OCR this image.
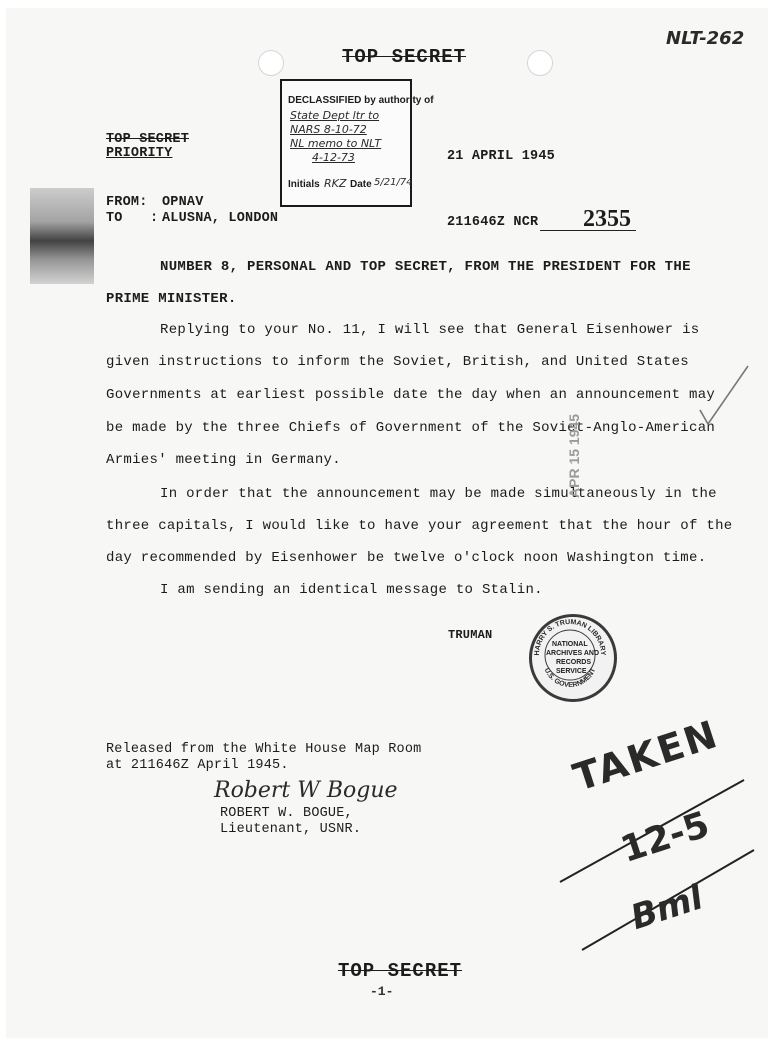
NLT-262
TOP SECRET
TOP SECRET
PRIORITY
DECLASSIFIED by authority of
State Dept ltr to
NARS 8-10-72
NL memo to NLT
4-12-73
Initials RKZ Date 5/21/74
21 APRIL 1945
FROM: OPNAV
TO : ALUSNA, LONDON	211646Z NCR 2355
NUMBER 8, PERSONAL AND TOP SECRET, FROM THE PRESIDENT FOR THE
PRIME MINISTER.
Replying to your No. 11, I will see that General Eisenhower is
given instructions to inform the Soviet, British, and United States
Governments at earliest possible date the day when an announcement may
be made by the three Chiefs of Government of the Soviet-Anglo-American
Armies' meeting in Germany.
In order that the announcement may be made simultaneously in the
three capitals, I would like to have your agreement that the hour of the
day recommended by Eisenhower be twelve o'clock noon Washington time.
I am sending an identical message to Stalin.
TRUMAN
APR 15 1945
HARRY S. TRUMAN LIBRARY
U.S. GOVERNMENT
NATIONAL
ARCHIVES AND
RECORDS
SERVICE
Released from the White House Map Room
at 211646Z April 1945.
Robert W Bogue
ROBERT W. BOGUE,
Lieutenant, USNR.
TAKEN
12-5
Bml
TOP SECRET
-1-
